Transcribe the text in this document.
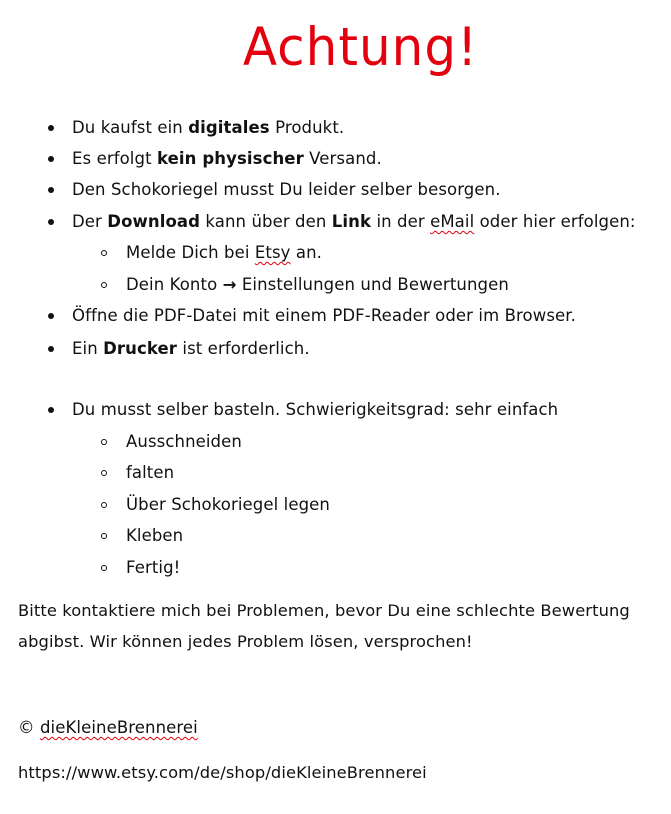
Achtung!
Du kaufst ein digitales Produkt.
Es erfolgt kein physischer Versand.
Den Schokoriegel musst Du leider selber besorgen.
Der Download kann über den Link in der eMail oder hier erfolgen:
Melde Dich bei Etsy an.
Dein Konto → Einstellungen und Bewertungen
Öffne die PDF-Datei mit einem PDF-Reader oder im Browser.
Ein Drucker ist erforderlich.
Du musst selber basteln. Schwierigkeitsgrad: sehr einfach
Ausschneiden
falten
Über Schokoriegel legen
Kleben
Fertig!
Bitte kontaktiere mich bei Problemen, bevor Du eine schlechte Bewertung
abgibst. Wir können jedes Problem lösen, versprochen!
© dieKleineBrennerei
https://www.etsy.com/de/shop/dieKleineBrennerei
